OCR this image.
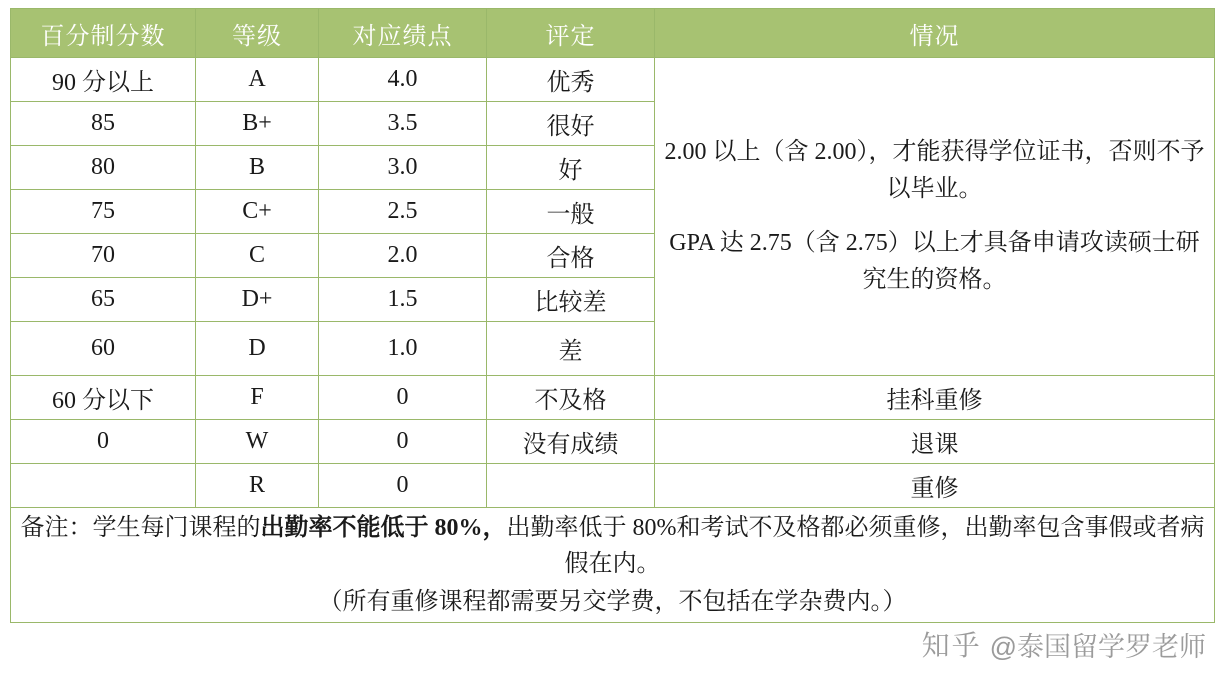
百分制分数	等级	对应绩点	评定	情况
90 分以上	A	4.0	优秀	2.00 以上（含 2.00），才能获得学位证书，否则不予以毕业。

GPA 达 2.75（含 2.75）以上才具备申请攻读硕士研究生的资格。

85	B+	3.5	很好	
80	B	3.0	好	
75	C+	2.5	一般	
70	C	2.0	合格	
65	D+	1.5	比较差	
60	D	1.0	差	
60 分以下	F	0	不及格	挂科重修
0	W	0	没有成绩	退课
	R	0		重修

备注：学生每门课程的出勤率不能低于 80%，出勤率低于 80%和考试不及格都必须重修，出勤率包含事假或者病假在内。

（所有重修课程都需要另交学费，不包括在学杂费内。）				

知乎 @泰国留学罗老师
